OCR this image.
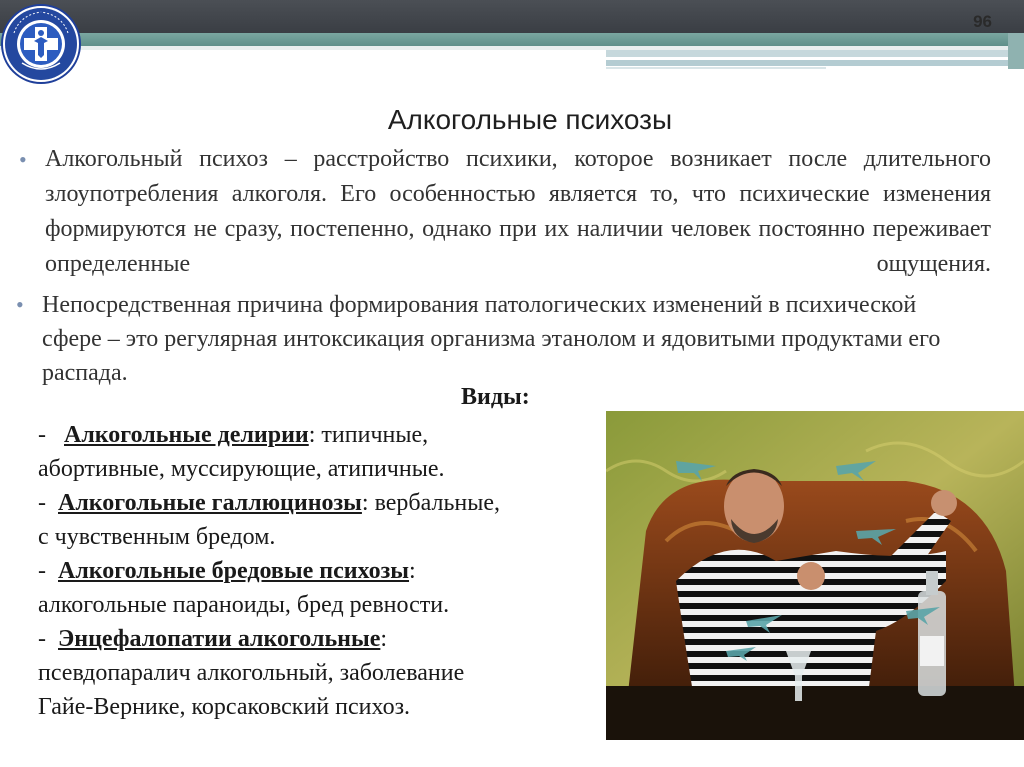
96
Алкогольные психозы
• Алкогольный психоз – расстройство психики, которое возникает после длительного злоупотребления алкоголя. Его особенностью является то, что психические изменения формируются не сразу, постепенно, однако при их наличии человек постоянно переживает определенные ощущения.
• Непосредственная причина формирования патологических изменений в психической сфере – это регулярная интоксикация организма этанолом и ядовитыми продуктами его распада.
Виды:

-   Алкогольные делирии: типичные,

абортивные, муссирующие, атипичные.

-  Алкогольные галлюцинозы: вербальные,

с чувственным бредом.

-  Алкогольные бредовые психозы:

алкогольные параноиды, бред ревности.

-  Энцефалопатии алкогольные:

псевдопаралич алкогольный, заболевание

Гайе-Вернике, корсаковский психоз.
